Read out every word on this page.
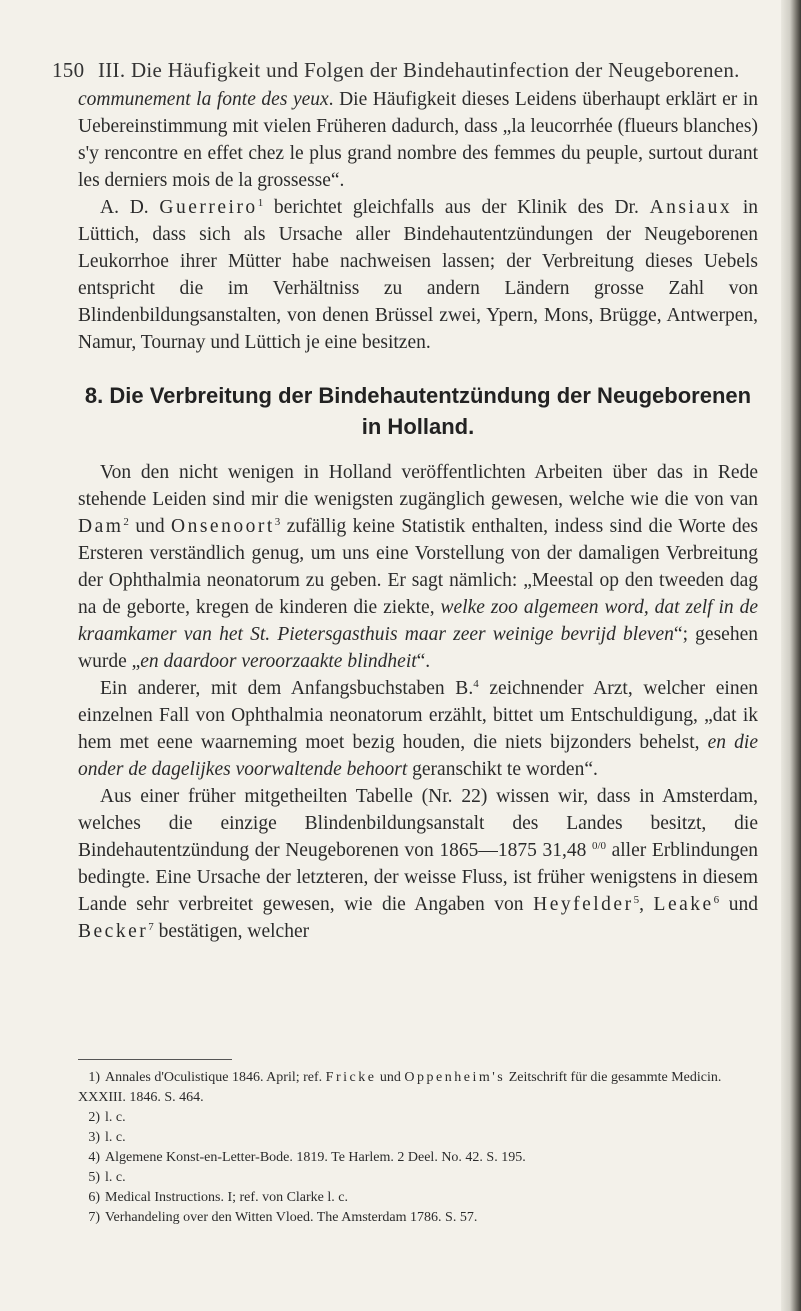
150 III. Die Häufigkeit und Folgen der Bindehautinfection der Neugeborenen.

communement la fonte des yeux. Die Häufigkeit dieses Leidens überhaupt erklärt er in Uebereinstimmung mit vielen Früheren dadurch, dass „la leucorrhée (flueurs blanches) s'y rencontre en effet chez le plus grand nombre des femmes du peuple, surtout durant les derniers mois de la grossesse“.

A. D. Guerreiro$^1$ berichtet gleichfalls aus der Klinik des Dr. Ansiaux in Lüttich, dass sich als Ursache aller Bindehautentzündungen der Neugeborenen Leukorrhoe ihrer Mütter habe nachweisen lassen; der Verbreitung dieses Uebels entspricht die im Verhältniss zu andern Ländern grosse Zahl von Blindenbildungsanstalten, von denen Brüssel zwei, Ypern, Mons, Brügge, Antwerpen, Namur, Tournay und Lüttich je eine besitzen.

8. Die Verbreitung der Bindehautentzündung der Neugeborenen in Holland.

Von den nicht wenigen in Holland veröffentlichten Arbeiten über das in Rede stehende Leiden sind mir die wenigsten zugänglich gewesen, welche wie die von van Dam$^2$ und Onsenoort$^3$ zufällig keine Statistik enthalten, indess sind die Worte des Ersteren verständlich genug, um uns eine Vorstellung von der damaligen Verbreitung der Ophthalmia neonatorum zu geben. Er sagt nämlich: „Meestal op den tweeden dag na de geborte, kregen de kinderen die ziekte, welke zoo algemeen word, dat zelf in de kraamkamer van het St. Pietersgasthuis maar zeer weinige bevrijd bleven“; gesehen wurde „en daardoor veroorzaakte blindheit“.

Ein anderer, mit dem Anfangsbuchstaben B.$^4$ zeichnender Arzt, welcher einen einzelnen Fall von Ophthalmia neonatorum erzählt, bittet um Entschuldigung, „dat ik hem met eene waarneming moet bezig houden, die niets bijzonders behelst, en die onder de dagelijkes voorwaltende behoort geranschikt te worden“.

Aus einer früher mitgetheilten Tabelle (Nr. 22) wissen wir, dass in Amsterdam, welches die einzige Blindenbildungsanstalt des Landes besitzt, die Bindehautentzündung der Neugeborenen von 1865—1875 31,48 $^{0/0}$ aller Erblindungen bedingte. Eine Ursache der letzteren, der weisse Fluss, ist früher wenigstens in diesem Lande sehr verbreitet gewesen, wie die Angaben von Heyfelder$^5$, Leake$^6$ und Becker$^7$ bestätigen, welcher

1) Annales d'Oculistique 1846. April; ref. Fricke und Oppenheim's Zeitschrift für die gesammte Medicin. XXXIII. 1846. S. 464.

2) l. c.

3) l. c.

4) Algemene Konst-en-Letter-Bode. 1819. Te Harlem. 2 Deel. No. 42. S. 195.

5) l. c.

6) Medical Instructions. I; ref. von Clarke l. c.

7) Verhandeling over den Witten Vloed. The Amsterdam 1786. S. 57.
